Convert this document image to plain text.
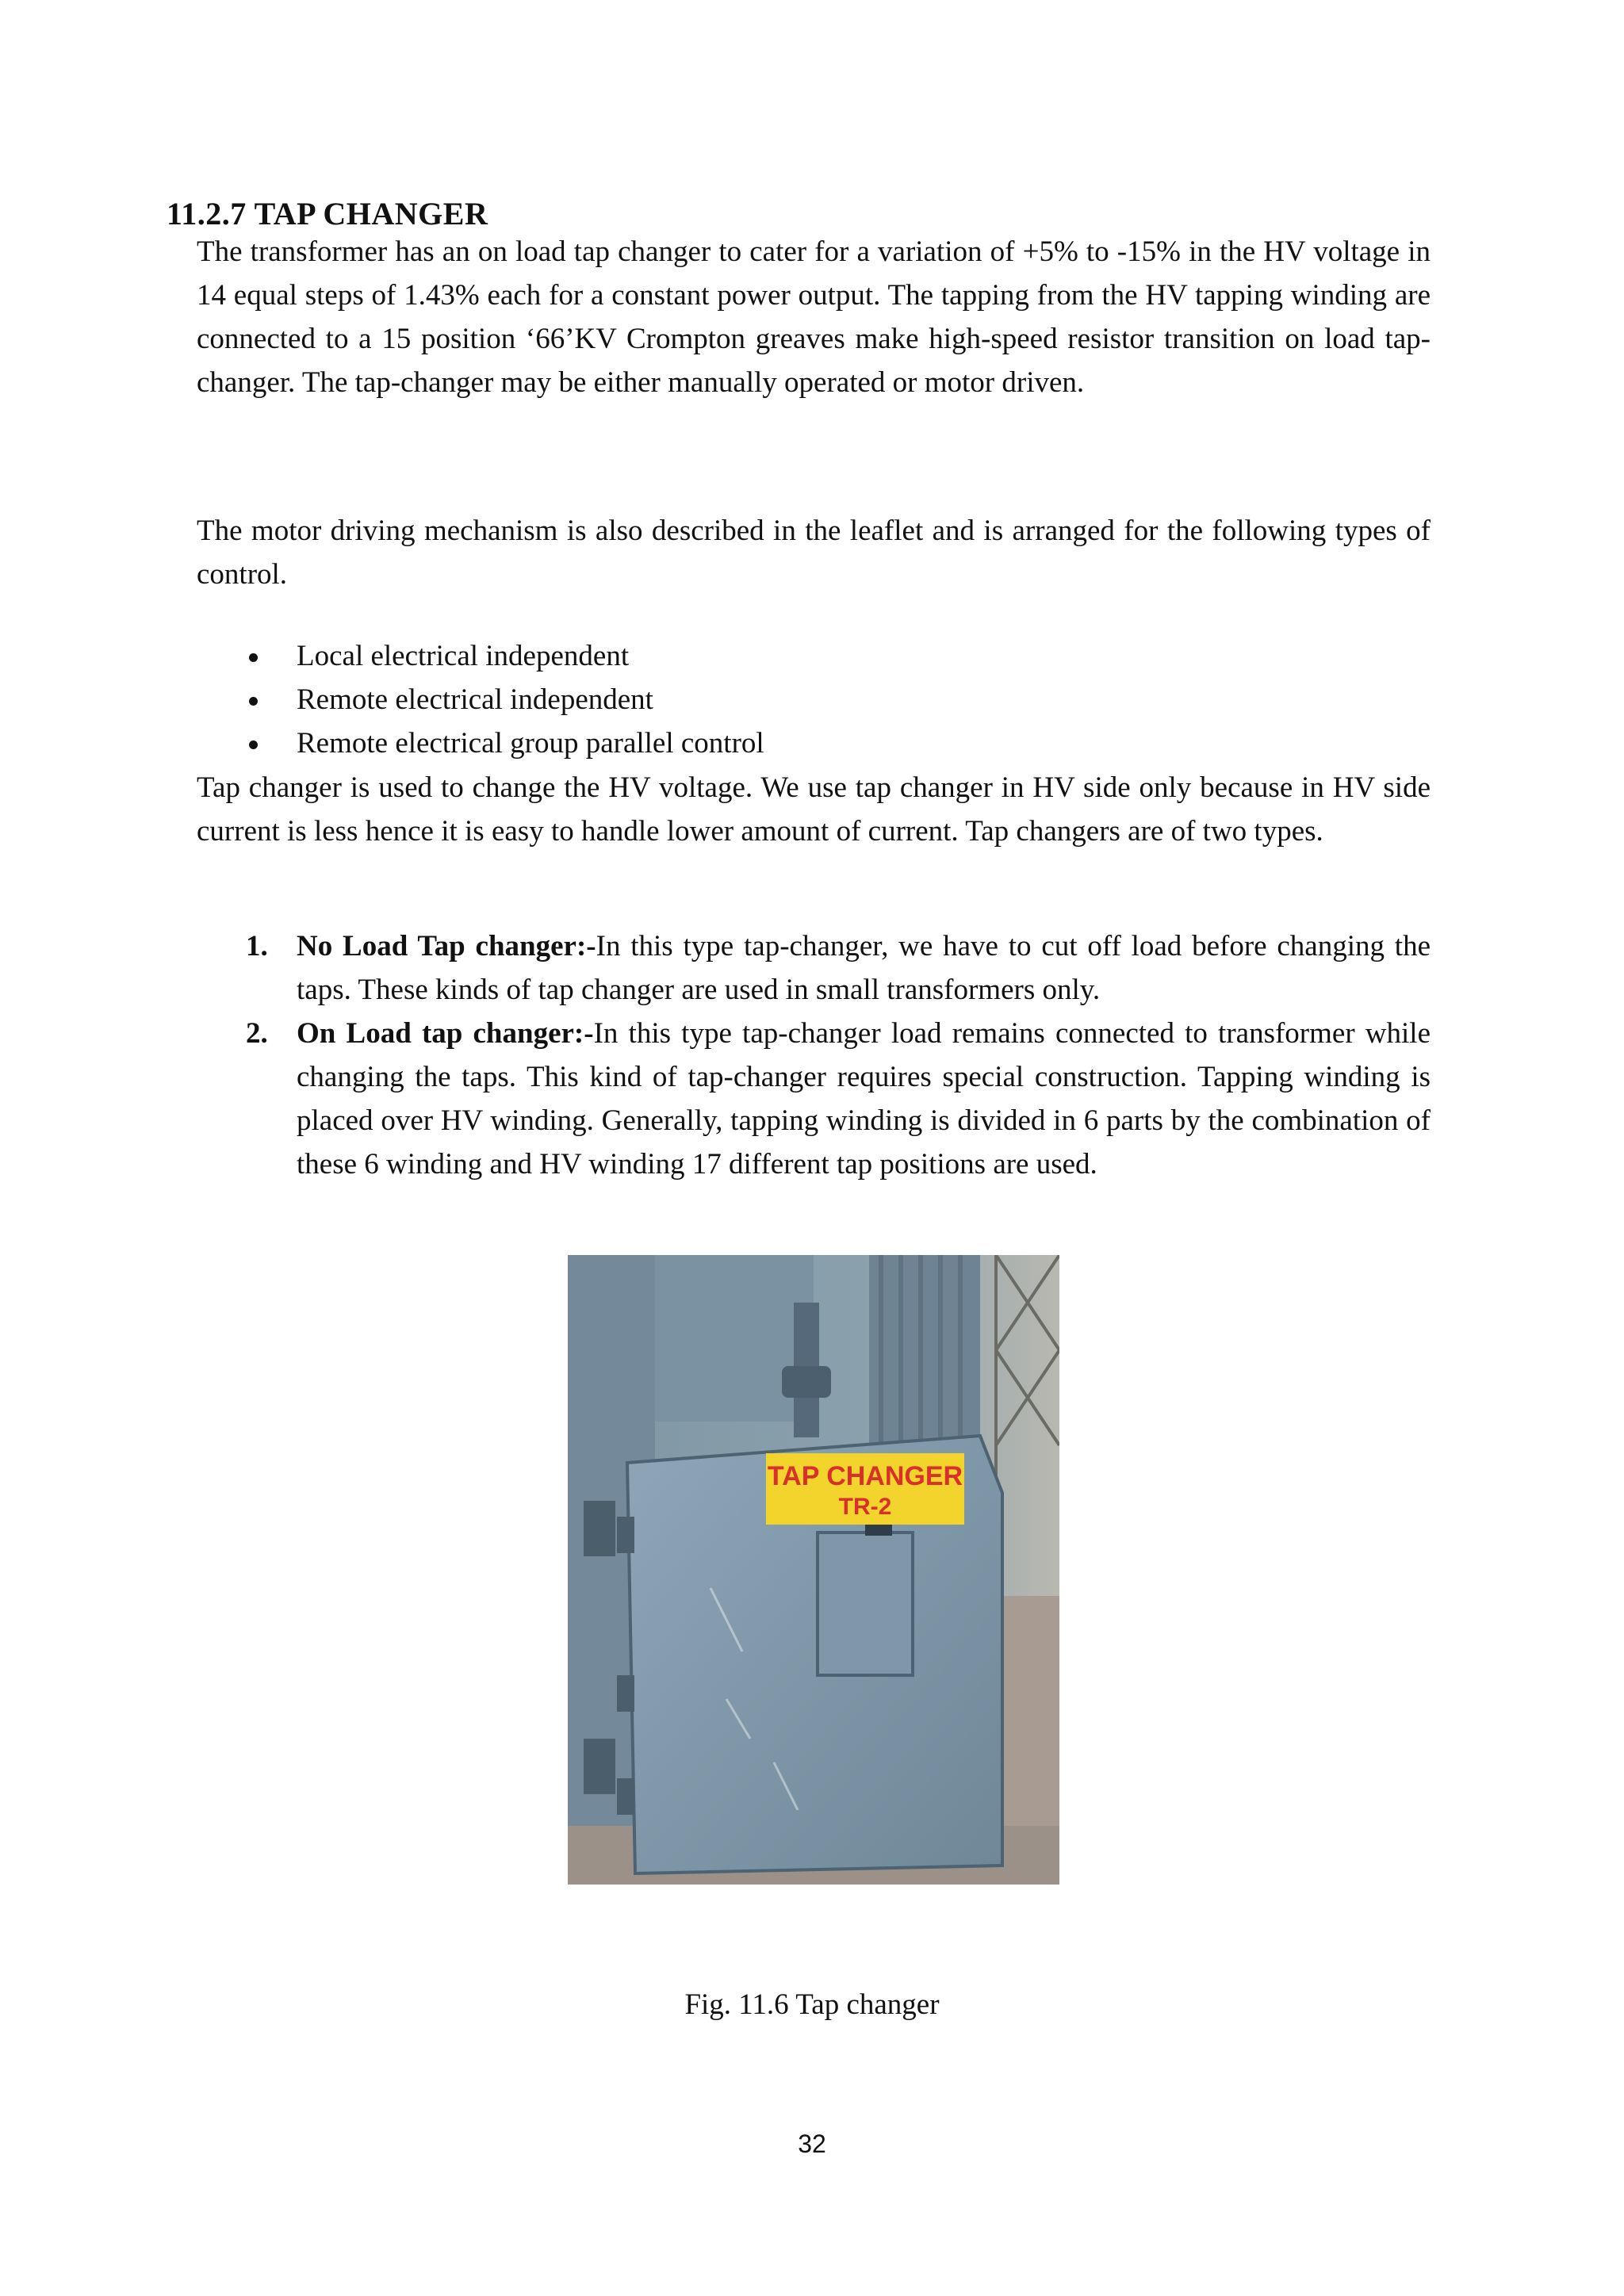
11.2.7 TAP CHANGER
The transformer has an on load tap changer to cater for a variation of +5% to -15% in the HV voltage in 14 equal steps of 1.43% each for a constant power output. The tapping from the HV tapping winding are connected to a 15 position ‘66’KV Crompton greaves make high-speed resistor transition on load tap-changer. The tap-changer may be either manually operated or motor driven.
The motor driving mechanism is also described in the leaflet and is arranged for the following types of control.
Local electrical independent
Remote electrical independent
Remote electrical group parallel control
Tap changer is used to change the HV voltage. We use tap changer in HV side only because in HV side current is less hence it is easy to handle lower amount of current. Tap changers are of two types.
1. No Load Tap changer:-In this type tap-changer, we have to cut off load before changing the taps. These kinds of tap changer are used in small transformers only.
2. On Load tap changer:-In this type tap-changer load remains connected to transformer while changing the taps. This kind of tap-changer requires special construction. Tapping winding is placed over HV winding. Generally, tapping winding is divided in 6 parts by the combination of these 6 winding and HV winding 17 different tap positions are used.
TAP CHANGER
TR-2
Fig. 11.6 Tap changer
32
